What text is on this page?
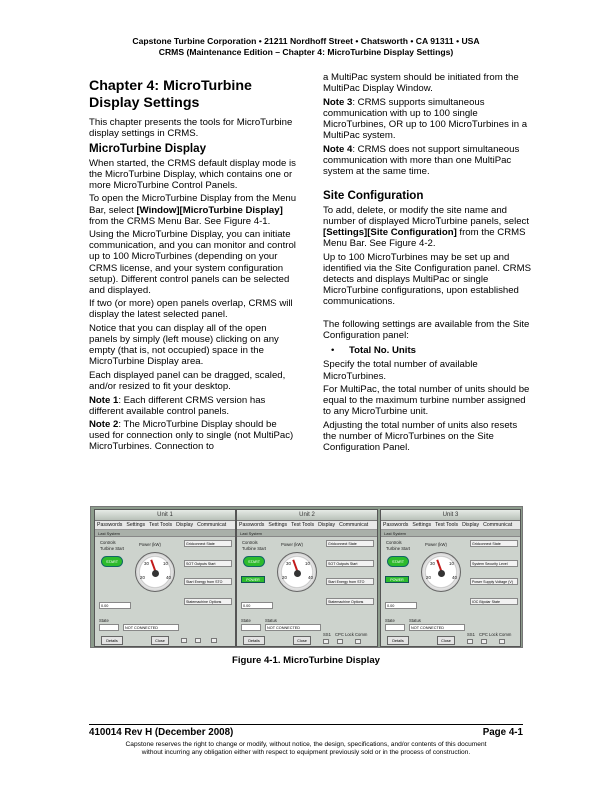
Capstone Turbine Corporation • 21211 Nordhoff Street • Chatsworth • CA 91311 • USA
CRMS (Maintenance Edition – Chapter 4: MicroTurbine Display Settings)
Chapter 4: MicroTurbine Display Settings

This chapter presents the tools for MicroTurbine display settings in CRMS.

MicroTurbine Display

When started, the CRMS default display mode is the MicroTurbine Display, which contains one or more MicroTurbine Control Panels.

To open the MicroTurbine Display from the Menu Bar, select [Window][MicroTurbine Display] from the CRMS Menu Bar. See Figure 4-1.

Using the MicroTurbine Display, you can initiate communication, and you can monitor and control up to 100 MicroTurbines (depending on your CRMS license, and your system configuration setup). Different control panels can be selected and displayed.

If two (or more) open panels overlap, CRMS will display the latest selected panel.

Notice that you can display all of the open panels by simply (left mouse) clicking on any empty (that is, not occupied) space in the MicroTurbine Display area.

Each displayed panel can be dragged, scaled, and/or resized to fit your desktop.

Note 1: Each different CRMS version has different available control panels.

Note 2: The MicroTurbine Display should be used for connection only to single (not MultiPac) MicroTurbines. Connection to

a MultiPac system should be initiated from the MultiPac Display Window.

Note 3: CRMS supports simultaneous communication with up to 100 single MicroTurbines, OR up to 100 MicroTurbines in a MultiPac system.

Note 4: CRMS does not support simultaneous communication with more than one MultiPac system at the same time.

Site Configuration

To add, delete, or modify the site name and number of displayed MicroTurbine panels, select [Settings][Site Configuration] from the CRMS Menu Bar. See Figure 4-2.

Up to 100 MicroTurbines may be set up and identified via the Site Configuration panel. CRMS detects and displays MultiPac or single MicroTurbine configurations, upon established communications.

The following settings are available from the Site Configuration panel:

•	Total No. Units

Specify the total number of available MicroTurbines.

For MultiPac, the total number of units should be equal to the maximum turbine number assigned to any MicroTurbine unit.

Adjusting the total number of units also resets the number of MicroTurbines on the Site Configuration Panel.

Unit 1
Passwords Settings Test Tools Display Communicat
Last System
Controls
Turbine Start
START
Power (kW)
20
30	10
40
Gridconnect State
SOT Outputs Start
Start Energy from STO
Statemachine Options
0.00
State
NOT CONNECTED
Details	Close
Unit 2
Passwords Settings Test Tools Display Communicat
Last System
Controls
Turbine Start
START
POWER
Power (kW)
20
30	10
40
Gridconnect State
SOT Outputs Start
Start Energy from STO
Statemachine Options
0.00
State	Status
NOT CONNECTED
Details	Close
SS1 CPC Lock Comm
Unit 3
Passwords Settings Test Tools Display Communicat
Last System
Controls
Turbine Start
START
POWER
Power (kW)
20
30	10
40
Gridconnect State
System Security Level
Power Supply Voltage (V)
IOC Bipolar State
0.00
State	Status
NOT CONNECTED
Details	Close
SS1 CPC Lock Comm
Figure 4-1. MicroTurbine Display
410014 Rev H (December 2008)	Page 4-1
Capstone reserves the right to change or modify, without notice, the design, specifications, and/or contents of this document
without incurring any obligation either with respect to equipment previously sold or in the process of construction.
